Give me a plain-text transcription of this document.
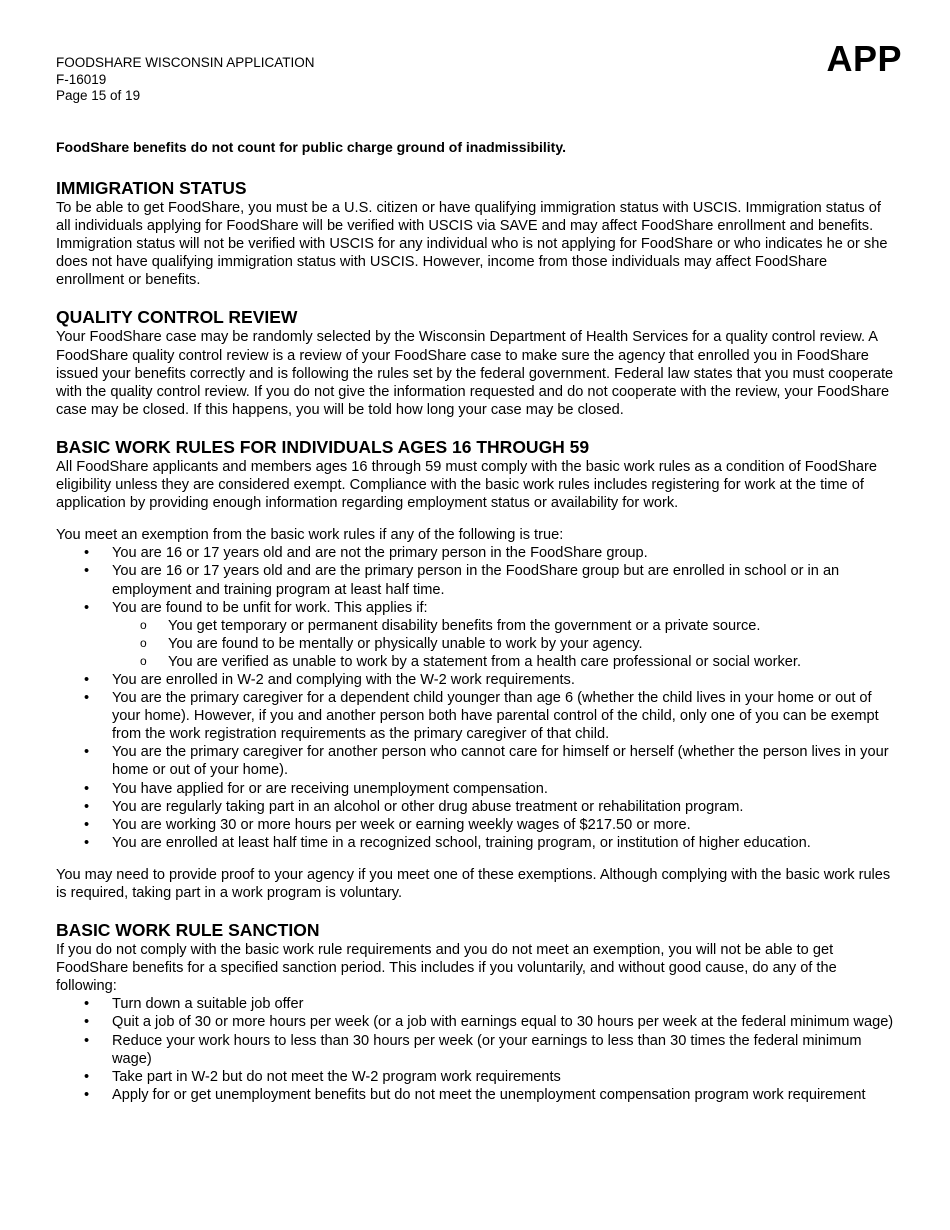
FOODSHARE WISCONSIN APPLICATION
F-16019
Page 15 of 19
APP
FoodShare benefits do not count for public charge ground of inadmissibility.
IMMIGRATION STATUS

To be able to get FoodShare, you must be a U.S. citizen or have qualifying immigration status with USCIS. Immigration status of all individuals applying for FoodShare will be verified with USCIS via SAVE and may affect FoodShare enrollment and benefits. Immigration status will not be verified with USCIS for any individual who is not applying for FoodShare or who indicates he or she does not have qualifying immigration status with USCIS. However, income from those individuals may affect FoodShare enrollment or benefits.

QUALITY CONTROL REVIEW

Your FoodShare case may be randomly selected by the Wisconsin Department of Health Services for a quality control review. A FoodShare quality control review is a review of your FoodShare case to make sure the agency that enrolled you in FoodShare issued your benefits correctly and is following the rules set by the federal government. Federal law states that you must cooperate with the quality control review. If you do not give the information requested and do not cooperate with the review, your FoodShare case may be closed. If this happens, you will be told how long your case may be closed.

BASIC WORK RULES FOR INDIVIDUALS AGES 16 THROUGH 59

All FoodShare applicants and members ages 16 through 59 must comply with the basic work rules as a condition of FoodShare eligibility unless they are considered exempt. Compliance with the basic work rules includes registering for work at the time of application by providing enough information regarding employment status or availability for work.

You meet an exemption from the basic work rules if any of the following is true:

• You are 16 or 17 years old and are not the primary person in the FoodShare group.
• You are 16 or 17 years old and are the primary person in the FoodShare group but are enrolled in school or in an employment and training program at least half time.
• You are found to be unfit for work. This applies if:
o You get temporary or permanent disability benefits from the government or a private source.
o You are found to be mentally or physically unable to work by your agency.
o You are verified as unable to work by a statement from a health care professional or social worker.
• You are enrolled in W-2 and complying with the W-2 work requirements.
• You are the primary caregiver for a dependent child younger than age 6 (whether the child lives in your home or out of your home). However, if you and another person both have parental control of the child, only one of you can be exempt from the work registration requirements as the primary caregiver of that child.
• You are the primary caregiver for another person who cannot care for himself or herself (whether the person lives in your home or out of your home).
• You have applied for or are receiving unemployment compensation.
• You are regularly taking part in an alcohol or other drug abuse treatment or rehabilitation program.
• You are working 30 or more hours per week or earning weekly wages of $217.50 or more.
• You are enrolled at least half time in a recognized school, training program, or institution of higher education.

You may need to provide proof to your agency if you meet one of these exemptions. Although complying with the basic work rules is required, taking part in a work program is voluntary.

BASIC WORK RULE SANCTION

If you do not comply with the basic work rule requirements and you do not meet an exemption, you will not be able to get FoodShare benefits for a specified sanction period. This includes if you voluntarily, and without good cause, do any of the following:

• Turn down a suitable job offer
• Quit a job of 30 or more hours per week (or a job with earnings equal to 30 hours per week at the federal minimum wage)
• Reduce your work hours to less than 30 hours per week (or your earnings to less than 30 times the federal minimum wage)
• Take part in W-2 but do not meet the W-2 program work requirements
• Apply for or get unemployment benefits but do not meet the unemployment compensation program work requirement
